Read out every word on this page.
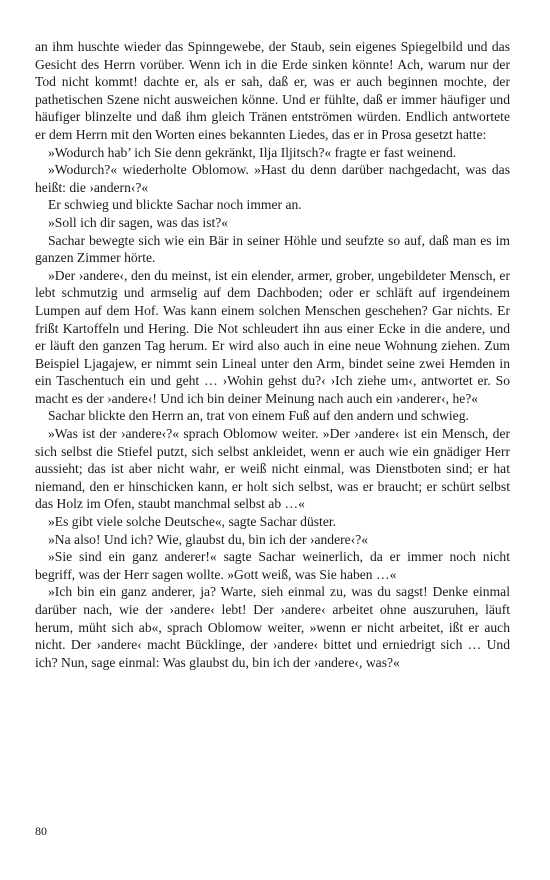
an ihm huschte wieder das Spinngewebe, der Staub, sein eigenes Spiegelbild und das Gesicht des Herrn vorüber. Wenn ich in die Erde sinken könnte! Ach, warum nur der Tod nicht kommt! dachte er, als er sah, daß er, was er auch beginnen mochte, der pathetischen Szene nicht ausweichen könne. Und er fühlte, daß er immer häufiger und häufiger blinzelte und daß ihm gleich Tränen entströmen würden. Endlich antwortete er dem Herrn mit den Worten eines bekannten Liedes, das er in Prosa gesetzt hatte:

»Wodurch hab’ ich Sie denn gekränkt, Ilja Iljitsch?« fragte er fast weinend.

»Wodurch?« wiederholte Oblomow. »Hast du denn darüber nachgedacht, was das heißt: die ›andern‹?«

Er schwieg und blickte Sachar noch immer an.

»Soll ich dir sagen, was das ist?«

Sachar bewegte sich wie ein Bär in seiner Höhle und seufzte so auf, daß man es im ganzen Zimmer hörte.

»Der ›andere‹, den du meinst, ist ein elender, armer, grober, ungebildeter Mensch, er lebt schmutzig und armselig auf dem Dachboden; oder er schläft auf irgendeinem Lumpen auf dem Hof. Was kann einem solchen Menschen geschehen? Gar nichts. Er frißt Kartoffeln und Hering. Die Not schleudert ihn aus einer Ecke in die andere, und er läuft den ganzen Tag herum. Er wird also auch in eine neue Wohnung ziehen. Zum Beispiel Ljagajew, er nimmt sein Lineal unter den Arm, bindet seine zwei Hemden in ein Taschentuch ein und geht … ›Wohin gehst du?‹ ›Ich ziehe um‹, antwortet er. So macht es der ›andere‹! Und ich bin deiner Meinung nach auch ein ›anderer‹, he?«

Sachar blickte den Herrn an, trat von einem Fuß auf den andern und schwieg.

»Was ist der ›andere‹?« sprach Oblomow weiter. »Der ›andere‹ ist ein Mensch, der sich selbst die Stiefel putzt, sich selbst ankleidet, wenn er auch wie ein gnädiger Herr aussieht; das ist aber nicht wahr, er weiß nicht einmal, was Dienstboten sind; er hat niemand, den er hinschicken kann, er holt sich selbst, was er braucht; er schürt selbst das Holz im Ofen, staubt manchmal selbst ab …«

»Es gibt viele solche Deutsche«, sagte Sachar düster.

»Na also! Und ich? Wie, glaubst du, bin ich der ›andere‹?«

»Sie sind ein ganz anderer!« sagte Sachar weinerlich, da er immer noch nicht begriff, was der Herr sagen wollte. »Gott weiß, was Sie haben …«

»Ich bin ein ganz anderer, ja? Warte, sieh einmal zu, was du sagst! Denke einmal darüber nach, wie der ›andere‹ lebt! Der ›andere‹ arbeitet ohne auszuruhen, läuft herum, müht sich ab«, sprach Oblomow weiter, »wenn er nicht arbeitet, ißt er auch nicht. Der ›andere‹ macht Bücklinge, der ›andere‹ bittet und erniedrigt sich … Und ich? Nun, sage einmal: Was glaubst du, bin ich der ›andere‹, was?«

80
